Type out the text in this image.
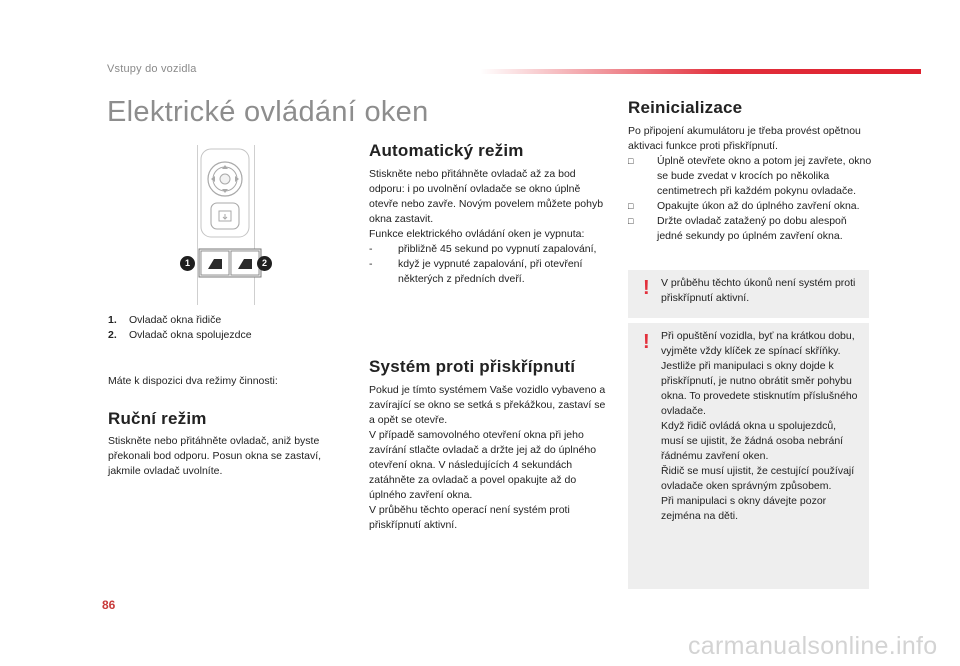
Vstupy do vozidla
Elektrické ovládání oken
1	2
1. Ovladač okna řidiče
2. Ovladač okna spolujezdce

Máte k dispozici dva režimy činnosti:

Ruční režim

Stiskněte nebo přitáhněte ovladač, aniž byste překonali bod odporu. Posun okna se zastaví, jakmile ovladač uvolníte.

Automatický režim

Stiskněte nebo přitáhněte ovladač až za bod odporu: i po uvolnění ovladače se okno úplně otevře nebo zavře. Novým povelem můžete pohyb okna zastavit.

Funkce elektrického ovládání oken je vypnuta:

-	přibližně 45 sekund po vypnutí zapalování,
-	když je vypnuté zapalování, při otevření některých z předních dveří.
Systém proti přiskřípnutí

Pokud je tímto systémem Vaše vozidlo vybaveno a zavírající se okno se setká s překážkou, zastaví se a opět se otevře.

V případě samovolného otevření okna při jeho zavírání stlačte ovladač a držte jej až do úplného otevření okna. V následujících 4 sekundách zatáhněte za ovladač a povel opakujte až do úplného zavření okna.

V průběhu těchto operací není systém proti přiskřípnutí aktivní.

Reinicializace

Po připojení akumulátoru je třeba provést opětnou aktivaci funkce proti přiskřípnutí.

□	Úplně otevřete okno a potom jej zavřete, okno se bude zvedat v krocích po několika centimetrech při každém pokynu ovladače.
□	Opakujte úkon až do úplného zavření okna.
□	Držte ovladač zatažený po dobu alespoň jedné sekundy po úplném zavření okna.
! V průběhu těchto úkonů není systém proti přiskřípnutí aktivní.
! Při opuštění vozidla, byť na krátkou dobu, vyjměte vždy klíček ze spínací skříňky.
Jestliže při manipulaci s okny dojde k přiskřípnutí, je nutno obrátit směr pohybu okna. To provedete stisknutím příslušného ovladače.
Když řidič ovládá okna u spolujezdců, musí se ujistit, že žádná osoba nebrání řádnému zavření oken.
Řidič se musí ujistit, že cestující používají ovladače oken správným způsobem.
Při manipulaci s okny dávejte pozor zejména na děti.
86
carmanualsonline.info
